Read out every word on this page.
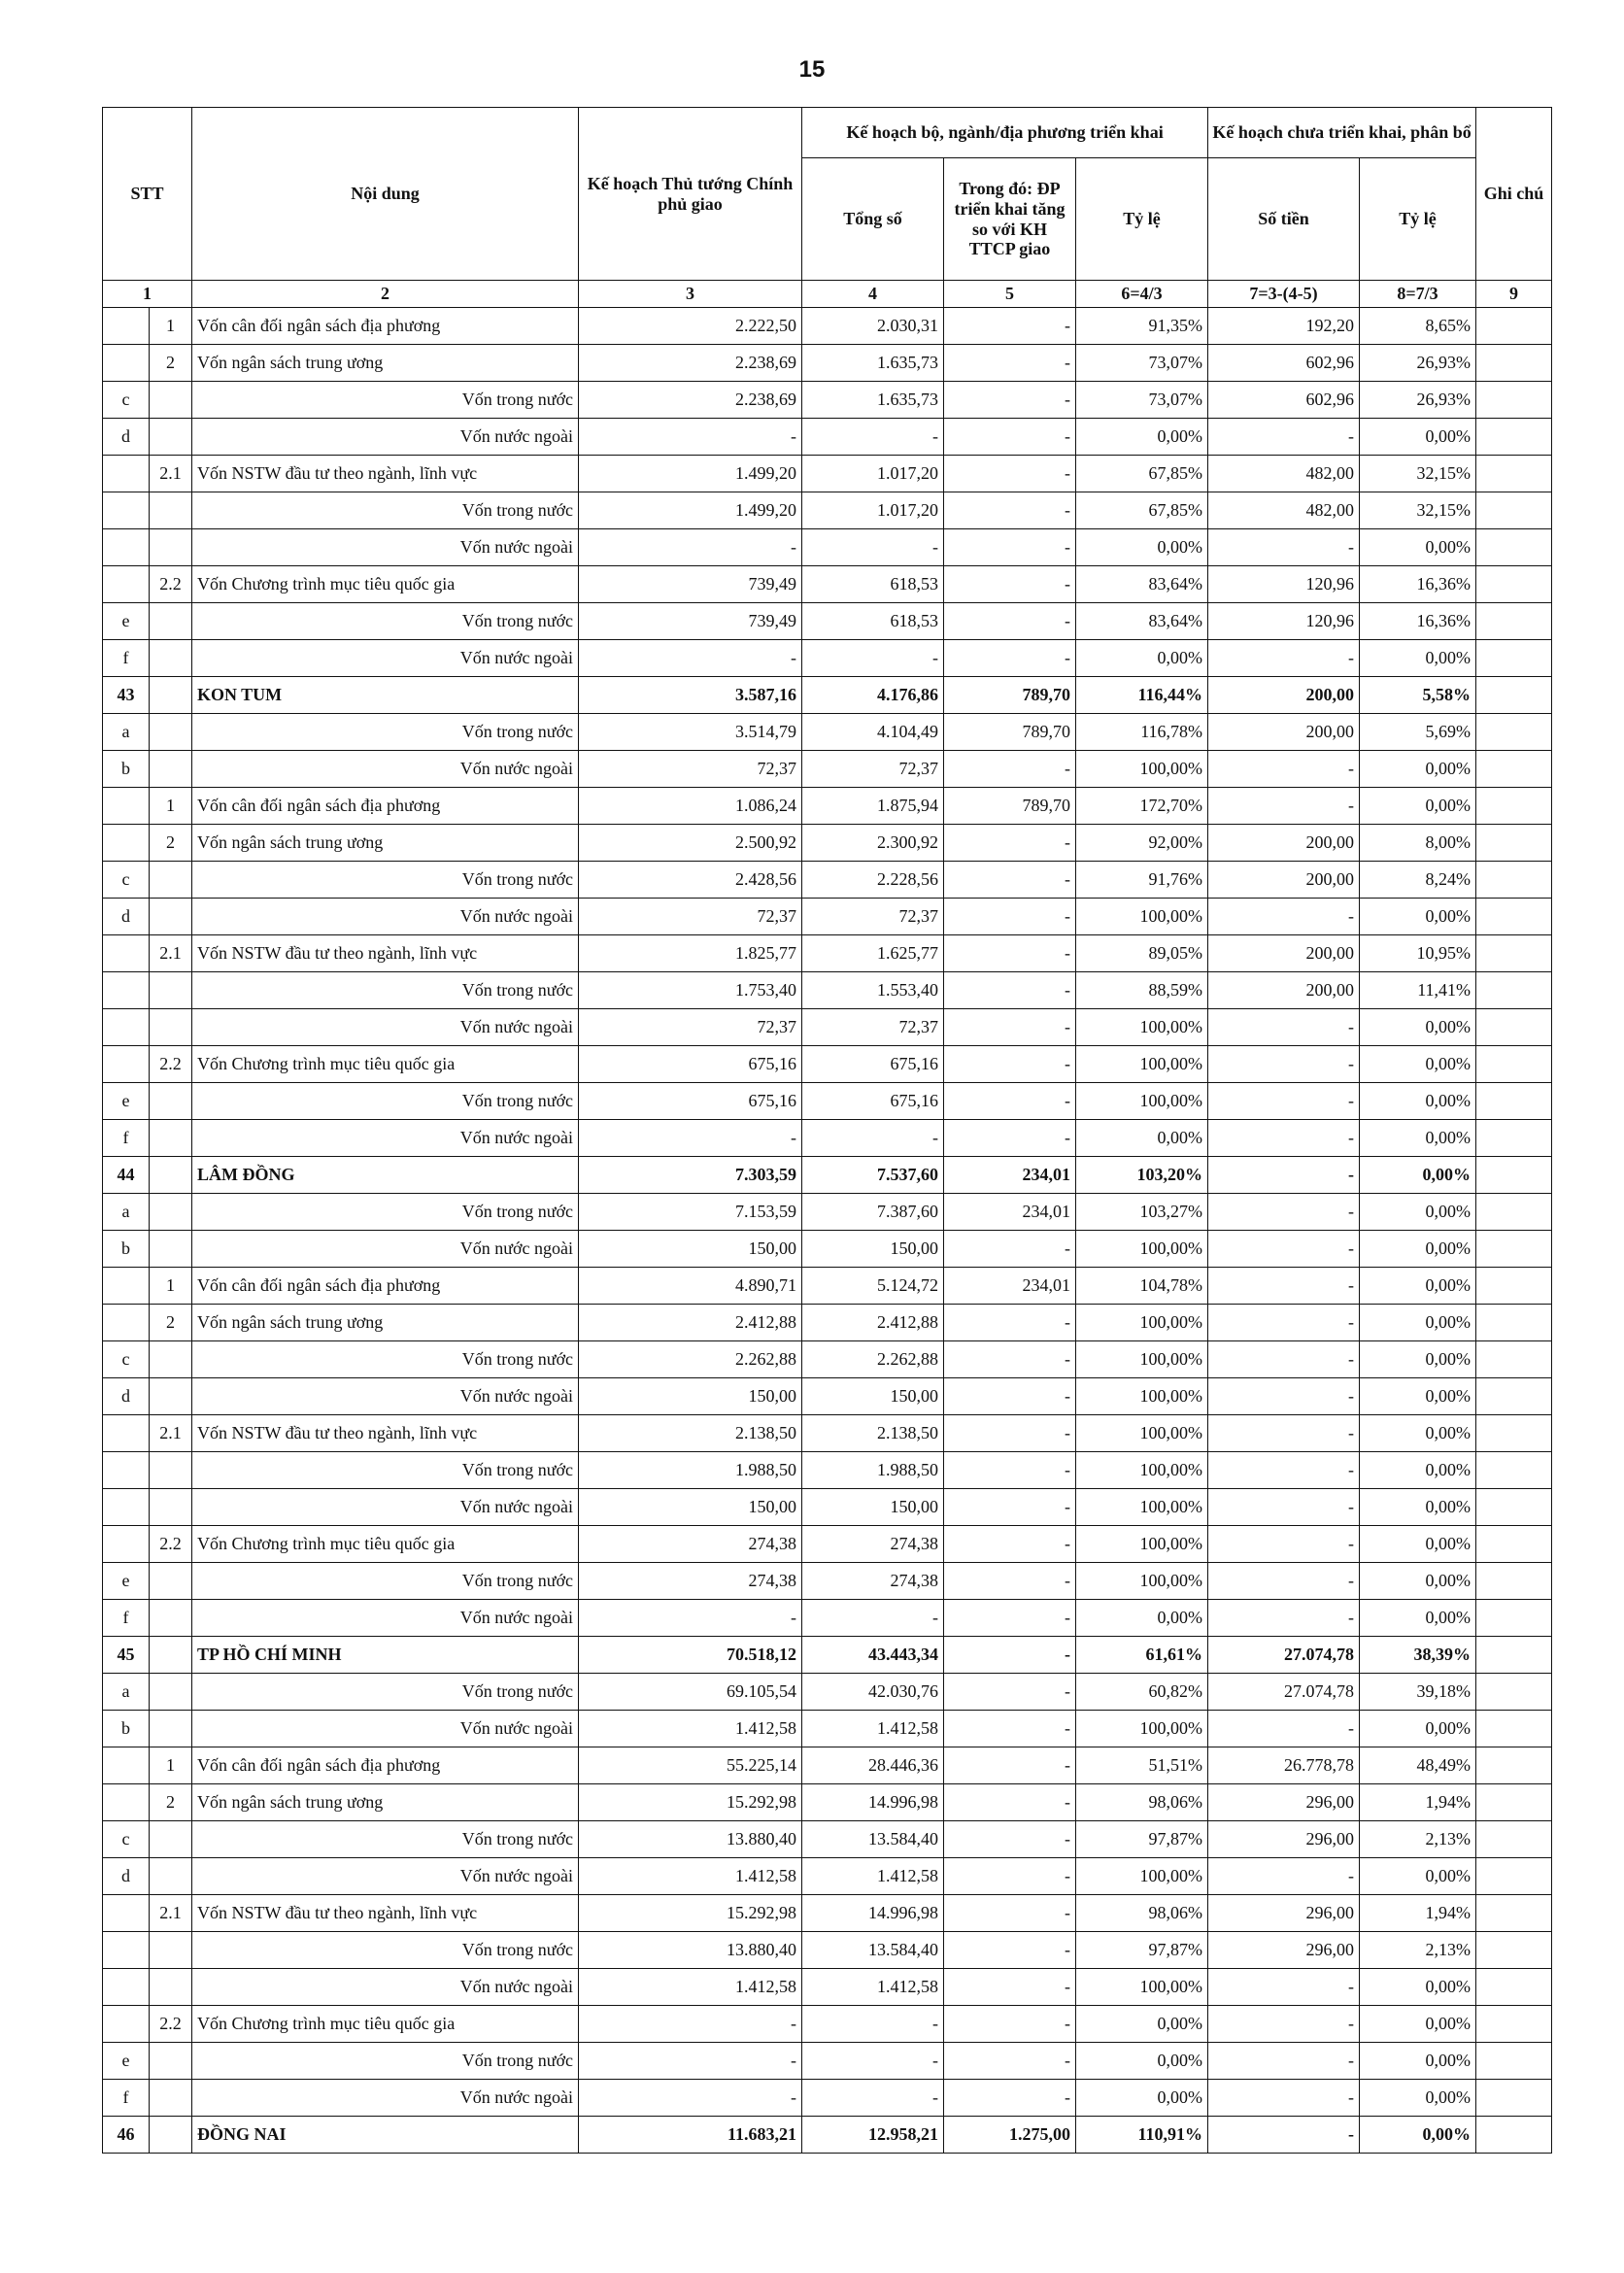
15
STT		Nội dung	Kế hoạch Thủ tướng Chính phủ giao	Kế hoạch bộ, ngành/địa phương triển khai			Kế hoạch chưa triển khai, phân bổ		Ghi chú
				Tổng số	Trong đó: ĐP triển khai tăng so với KH TTCP giao	Tỷ lệ	Số tiền	Tỷ lệ	
1		2	3	4	5	6=4/3	7=3-(4-5)	8=7/3	9
	1	Vốn cân đối ngân sách địa phương	2.222,50	2.030,31	-	91,35%	192,20	8,65%	
	2	Vốn ngân sách trung ương	2.238,69	1.635,73	-	73,07%	602,96	26,93%	
c		Vốn trong nước	2.238,69	1.635,73	-	73,07%	602,96	26,93%	
d		Vốn nước ngoài	-	-	-	0,00%	-	0,00%	
	2.1	Vốn NSTW đầu tư theo ngành, lĩnh vực	1.499,20	1.017,20	-	67,85%	482,00	32,15%	
		Vốn trong nước	1.499,20	1.017,20	-	67,85%	482,00	32,15%	
		Vốn nước ngoài	-	-	-	0,00%	-	0,00%	
	2.2	Vốn Chương trình mục tiêu quốc gia	739,49	618,53	-	83,64%	120,96	16,36%	
e		Vốn trong nước	739,49	618,53	-	83,64%	120,96	16,36%	
f		Vốn nước ngoài	-	-	-	0,00%	-	0,00%	
43		KON TUM	3.587,16	4.176,86	789,70	116,44%	200,00	5,58%	
a		Vốn trong nước	3.514,79	4.104,49	789,70	116,78%	200,00	5,69%	
b		Vốn nước ngoài	72,37	72,37	-	100,00%	-	0,00%	
	1	Vốn cân đối ngân sách địa phương	1.086,24	1.875,94	789,70	172,70%	-	0,00%	
	2	Vốn ngân sách trung ương	2.500,92	2.300,92	-	92,00%	200,00	8,00%	
c		Vốn trong nước	2.428,56	2.228,56	-	91,76%	200,00	8,24%	
d		Vốn nước ngoài	72,37	72,37	-	100,00%	-	0,00%	
	2.1	Vốn NSTW đầu tư theo ngành, lĩnh vực	1.825,77	1.625,77	-	89,05%	200,00	10,95%	
		Vốn trong nước	1.753,40	1.553,40	-	88,59%	200,00	11,41%	
		Vốn nước ngoài	72,37	72,37	-	100,00%	-	0,00%	
	2.2	Vốn Chương trình mục tiêu quốc gia	675,16	675,16	-	100,00%	-	0,00%	
e		Vốn trong nước	675,16	675,16	-	100,00%	-	0,00%	
f		Vốn nước ngoài	-	-	-	0,00%	-	0,00%	
44		LÂM ĐỒNG	7.303,59	7.537,60	234,01	103,20%	-	0,00%	
a		Vốn trong nước	7.153,59	7.387,60	234,01	103,27%	-	0,00%	
b		Vốn nước ngoài	150,00	150,00	-	100,00%	-	0,00%	
	1	Vốn cân đối ngân sách địa phương	4.890,71	5.124,72	234,01	104,78%	-	0,00%	
	2	Vốn ngân sách trung ương	2.412,88	2.412,88	-	100,00%	-	0,00%	
c		Vốn trong nước	2.262,88	2.262,88	-	100,00%	-	0,00%	
d		Vốn nước ngoài	150,00	150,00	-	100,00%	-	0,00%	
	2.1	Vốn NSTW đầu tư theo ngành, lĩnh vực	2.138,50	2.138,50	-	100,00%	-	0,00%	
		Vốn trong nước	1.988,50	1.988,50	-	100,00%	-	0,00%	
		Vốn nước ngoài	150,00	150,00	-	100,00%	-	0,00%	
	2.2	Vốn Chương trình mục tiêu quốc gia	274,38	274,38	-	100,00%	-	0,00%	
e		Vốn trong nước	274,38	274,38	-	100,00%	-	0,00%	
f		Vốn nước ngoài	-	-	-	0,00%	-	0,00%	
45		TP HỒ CHÍ MINH	70.518,12	43.443,34	-	61,61%	27.074,78	38,39%	
a		Vốn trong nước	69.105,54	42.030,76	-	60,82%	27.074,78	39,18%	
b		Vốn nước ngoài	1.412,58	1.412,58	-	100,00%	-	0,00%	
	1	Vốn cân đối ngân sách địa phương	55.225,14	28.446,36	-	51,51%	26.778,78	48,49%	
	2	Vốn ngân sách trung ương	15.292,98	14.996,98	-	98,06%	296,00	1,94%	
c		Vốn trong nước	13.880,40	13.584,40	-	97,87%	296,00	2,13%	
d		Vốn nước ngoài	1.412,58	1.412,58	-	100,00%	-	0,00%	
	2.1	Vốn NSTW đầu tư theo ngành, lĩnh vực	15.292,98	14.996,98	-	98,06%	296,00	1,94%	
		Vốn trong nước	13.880,40	13.584,40	-	97,87%	296,00	2,13%	
		Vốn nước ngoài	1.412,58	1.412,58	-	100,00%	-	0,00%	
	2.2	Vốn Chương trình mục tiêu quốc gia	-	-	-	0,00%	-	0,00%	
e		Vốn trong nước	-	-	-	0,00%	-	0,00%	
f		Vốn nước ngoài	-	-	-	0,00%	-	0,00%	
46		ĐỒNG NAI	11.683,21	12.958,21	1.275,00	110,91%	-	0,00%	
